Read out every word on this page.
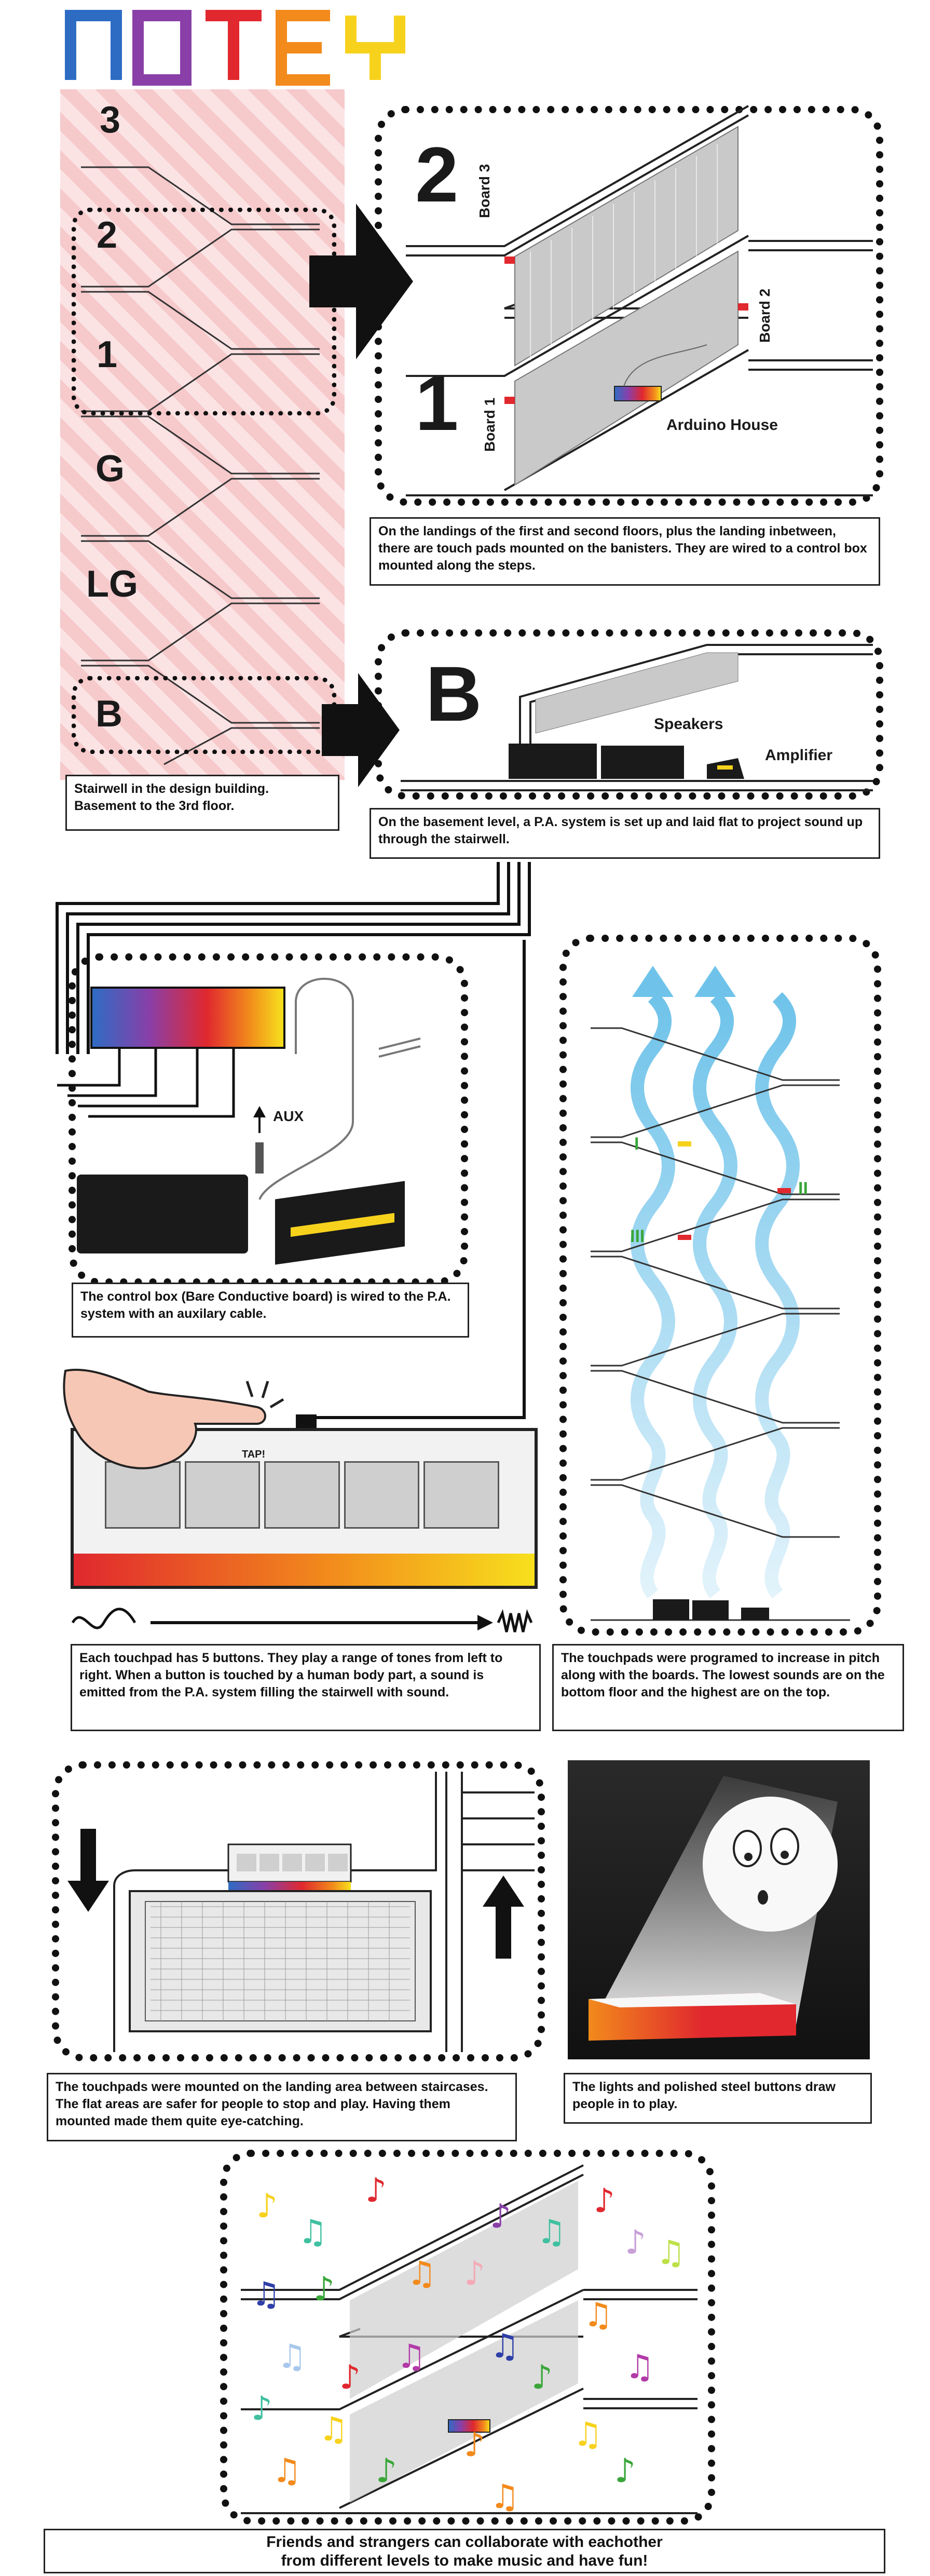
3
2
1
G
LG
B
Stairwell in the design building. Basement to the 3rd floor.
2
1
Board 3
Board 2
Board 1	Arduino House
On the landings of the first and second floors, plus the landing inbetween, there are touch pads mounted on the banisters. They are wired to a control box mounted along the steps.
B	Speakers
Amplifier
On the basement level, a P.A. system is set up and laid flat to project sound up through the stairwell.
AUX
The control box (Bare Conductive board) is wired to the P.A. system with an auxilary cable.
TAP!
Each touchpad has 5 buttons. They play a range of tones from left to right. When a button is touched by a human body part, a sound is emitted from the P.A. system filling the stairwell with sound.
I
II
III
The touchpads were programed to increase in pitch along with the boards. The lowest sounds are on the bottom floor and the highest are on the top.
The touchpads were mounted on the landing area between staircases. The flat areas are safer for people to stop and play. Having them mounted made them quite eye-catching.
The lights and polished steel buttons draw people in to play.
♪
♫
♪
♪ ♫
♪
♪ ♫
♫ ♪ ♫ ♪
♫
♫
♪
♫ ♫
♪ ♫
♪
♫	♪	♫
♫ ♪
♫
♪
Friends and strangers can collaborate with eachother
from different levels to make music and have fun!
